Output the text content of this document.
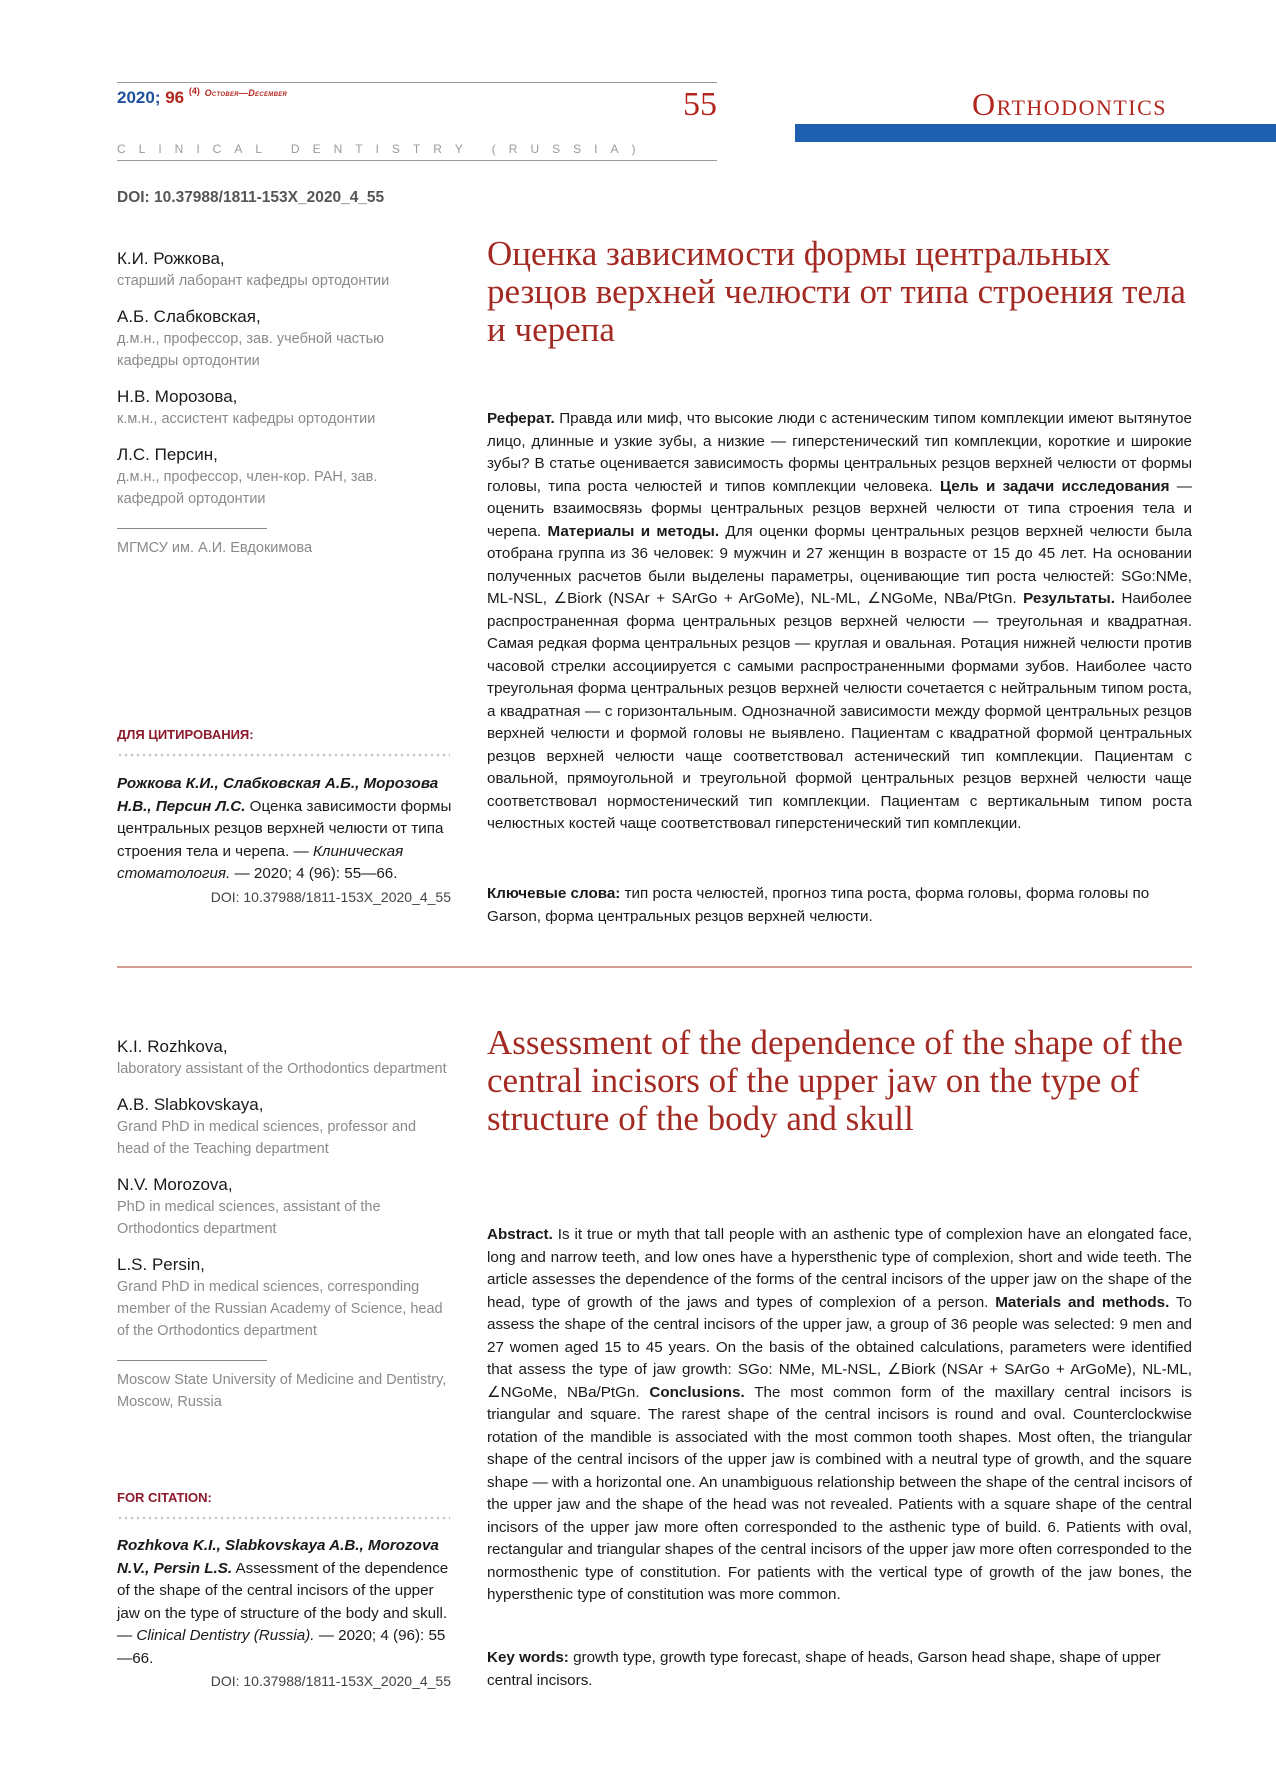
2020; 96 $^{(4)}$ $^{October—December}$	55
CLINICAL DENTISTRY (RUSSIA)
Orthodontics
DOI: 10.37988/1811-153X_2020_4_55
К.И. Рожкова,
старший лаборант кафедры ортодонтии
А.Б. Слабковская,
д.м.н., профессор, зав. учебной частью кафедры ортодонтии
Н.В. Морозова,
к.м.н., ассистент кафедры ортодонтии
Л.С. Персин,
д.м.н., профессор, член-кор. РАН, зав. кафедрой ортодонтии
МГМСУ им. А.И. Евдокимова
ДЛЯ ЦИТИРОВАНИЯ:
Рожкова К.И., Слабковская А.Б., Морозова Н.В., Персин Л.С. Оценка зависимости формы центральных резцов верхней челюсти от типа строения тела и черепа. — Клиническая стоматология. — 2020; 4 (96): 55—66.
DOI: 10.37988/1811-153X_2020_4_55
Оценка зависимости формы центральных резцов верхней челюсти от типа строения тела и черепа
Реферат. Правда или миф, что высокие люди с астеническим типом комплекции имеют вытянутое лицо, длинные и узкие зубы, а низкие — гиперстенический тип комплекции, короткие и широкие зубы? В статье оценивается зависимость формы центральных резцов верхней челюсти от формы головы, типа роста челюстей и типов комплекции человека. Цель и задачи исследования — оценить взаимосвязь формы центральных резцов верхней челюсти от типа строения тела и черепа. Материалы и методы. Для оценки формы центральных резцов верхней челюсти была отобрана группа из 36 человек: 9 мужчин и 27 женщин в возрасте от 15 до 45 лет. На основании полученных расчетов были выделены параметры, оценивающие тип роста челюстей: SGo:NMe, ML-NSL, ∠Biork (NSAr + SArGo + ArGoMe), NL-ML, ∠NGoMe, NBa/PtGn. Результаты. Наиболее распространенная форма центральных резцов верхней челюсти — треугольная и квадратная. Самая редкая форма центральных резцов — круглая и овальная. Ротация нижней челюсти против часовой стрелки ассоциируется с самыми распространенными формами зубов. Наиболее часто треугольная форма центральных резцов верхней челюсти сочетается с нейтральным типом роста, а квадратная — с горизонтальным. Однозначной зависимости между формой центральных резцов верхней челюсти и формой головы не выявлено. Пациентам с квадратной формой центральных резцов верхней челюсти чаще соответствовал астенический тип комплекции. Пациентам с овальной, прямоугольной и треугольной формой центральных резцов верхней челюсти чаще соответствовал нормостенический тип комплекции. Пациентам с вертикальным типом роста челюстных костей чаще соответствовал гиперстенический тип комплекции.
Ключевые слова: тип роста челюстей, прогноз типа роста, форма головы, форма головы по Garson, форма центральных резцов верхней челюсти.
K.I. Rozhkova,
laboratory assistant of the Orthodontics department
A.B. Slabkovskaya,
Grand PhD in medical sciences, professor and head of the Teaching department
N.V. Morozova,
PhD in medical sciences, assistant of the Orthodontics department
L.S. Persin,
Grand PhD in medical sciences, corresponding member of the Russian Academy of Science, head of the Orthodontics department
Moscow State University of Medicine and Dentistry, Moscow, Russia
FOR CITATION:
Rozhkova K.I., Slabkovskaya A.B., Morozova N.V., Persin L.S. Assessment of the dependence of the shape of the central incisors of the upper jaw on the type of structure of the body and skull. — Clinical Dentistry (Russia). — 2020; 4 (96): 55—66.
DOI: 10.37988/1811-153X_2020_4_55
Assessment of the dependence of the shape of the central incisors of the upper jaw on the type of structure of the body and skull
Abstract. Is it true or myth that tall people with an asthenic type of complexion have an elongated face, long and narrow teeth, and low ones have a hypersthenic type of complexion, short and wide teeth. The article assesses the dependence of the forms of the central incisors of the upper jaw on the shape of the head, type of growth of the jaws and types of complexion of a person. Materials and methods. To assess the shape of the central incisors of the upper jaw, a group of 36 people was selected: 9 men and 27 women aged 15 to 45 years. On the basis of the obtained calculations, parameters were identified that assess the type of jaw growth: SGo: NMe, ML-NSL, ∠Biork (NSAr + SArGo + ArGoMe), NL-ML, ∠NGoMe, NBa/PtGn. Conclusions. The most common form of the maxillary central incisors is triangular and square. The rarest shape of the central incisors is round and oval. Counterclockwise rotation of the mandible is associated with the most common tooth shapes. Most often, the triangular shape of the central incisors of the upper jaw is combined with a neutral type of growth, and the square shape — with a horizontal one. An unambiguous relationship between the shape of the central incisors of the upper jaw and the shape of the head was not revealed. Patients with a square shape of the central incisors of the upper jaw more often corresponded to the asthenic type of build. 6. Patients with oval, rectangular and triangular shapes of the central incisors of the upper jaw more often corresponded to the normosthenic type of constitution. For patients with the vertical type of growth of the jaw bones, the hypersthenic type of constitution was more common.
Key words: growth type, growth type forecast, shape of heads, Garson head shape, shape of upper central incisors.
